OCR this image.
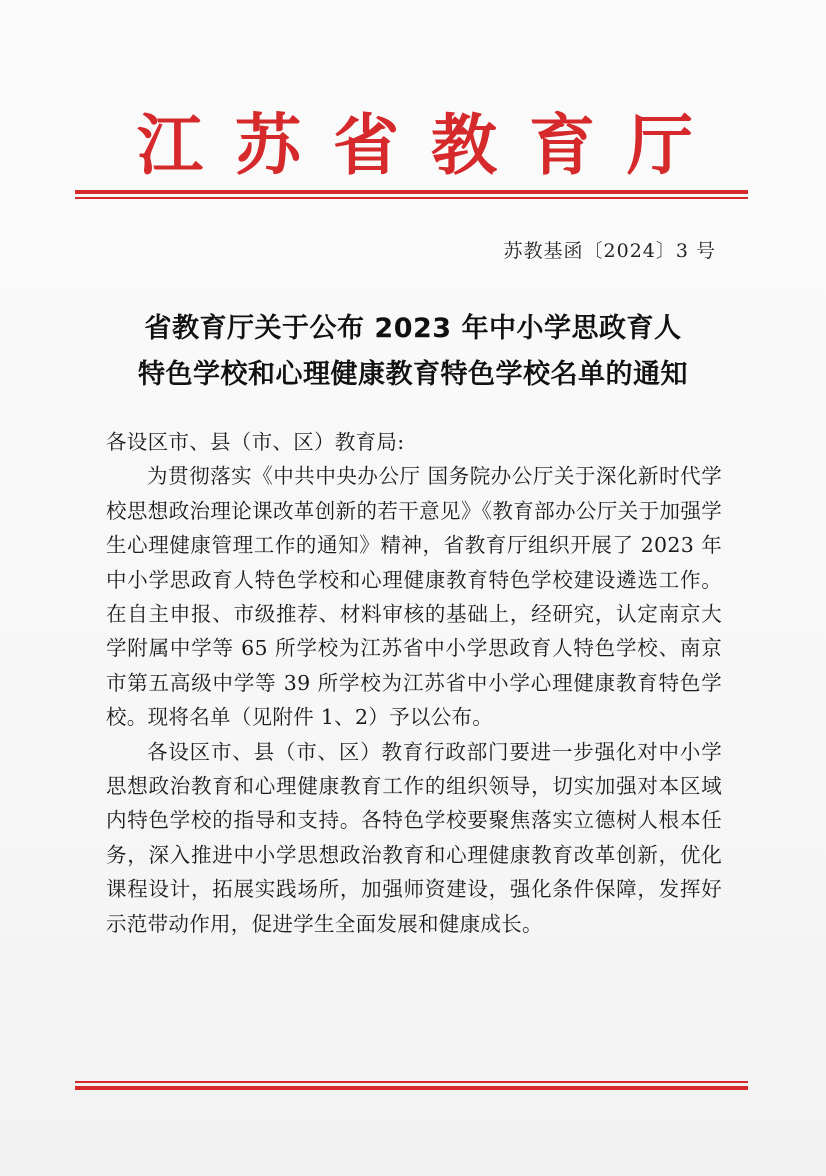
江 苏 省 教 育 厅
苏教基函〔2024〕3 号
省教育厅关于公布 2023 年中小学思政育人
特色学校和心理健康教育特色学校名单的通知

各设区市、县（市、区）教育局:

为贯彻落实《中共中央办公厅 国务院办公厅关于深化新时代学校思想政治理论课改革创新的若干意见》《教育部办公厅关于加强学生心理健康管理工作的通知》精神，省教育厅组织开展了 2023 年中小学思政育人特色学校和心理健康教育特色学校建设遴选工作。在自主申报、市级推荐、材料审核的基础上，经研究，认定南京大学附属中学等 65 所学校为江苏省中小学思政育人特色学校、南京市第五高级中学等 39 所学校为江苏省中小学心理健康教育特色学校。现将名单（见附件 1、2）予以公布。

各设区市、县（市、区）教育行政部门要进一步强化对中小学思想政治教育和心理健康教育工作的组织领导，切实加强对本区域内特色学校的指导和支持。各特色学校要聚焦落实立德树人根本任务，深入推进中小学思想政治教育和心理健康教育改革创新，优化课程设计，拓展实践场所，加强师资建设，强化条件保障，发挥好示范带动作用，促进学生全面发展和健康成长。
